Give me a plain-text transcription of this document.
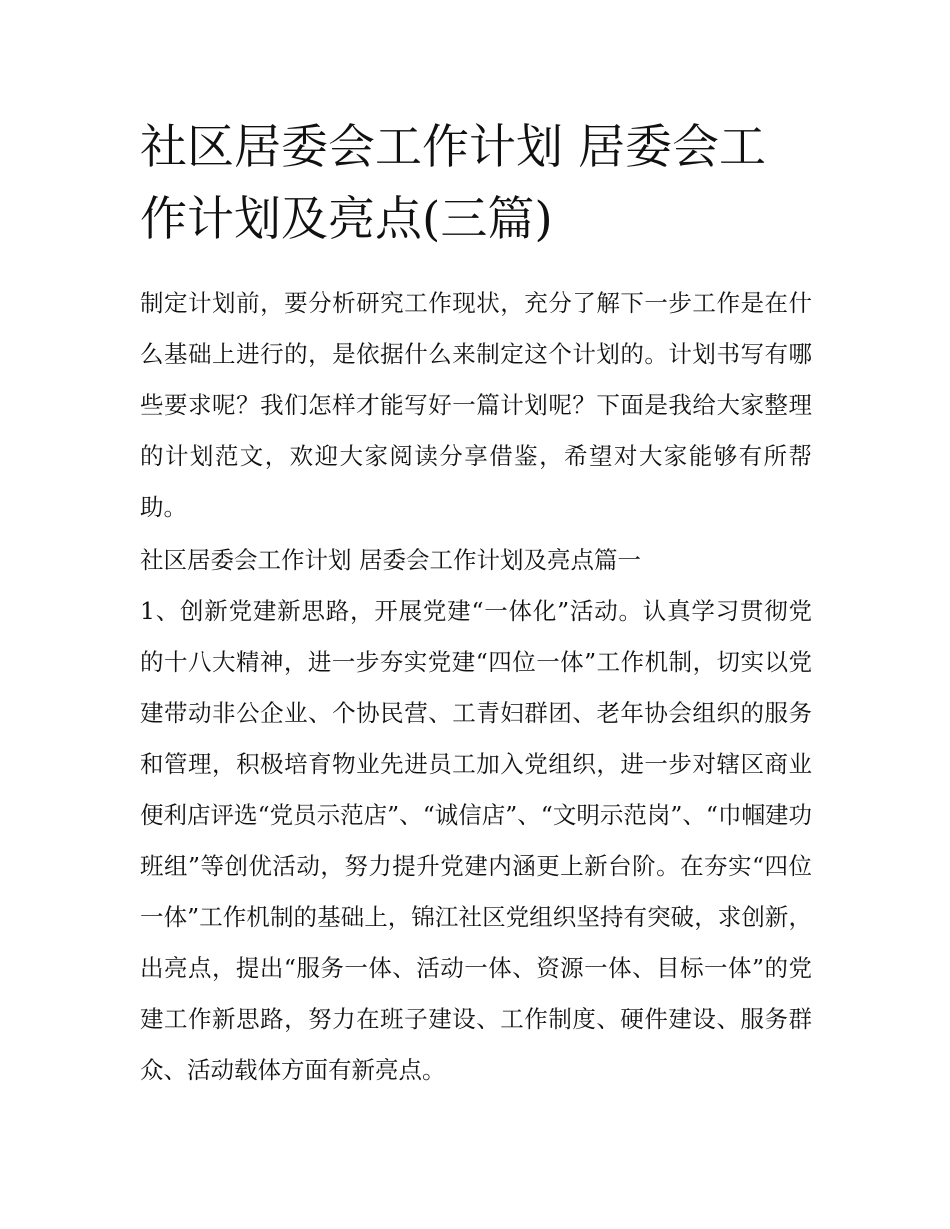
社区居委会工作计划 居委会工作计划及亮点(三篇)

制定计划前，要分析研究工作现状，充分了解下一步工作是在什么基础上进行的，是依据什么来制定这个计划的。计划书写有哪些要求呢？我们怎样才能写好一篇计划呢？下面是我给大家整理的计划范文，欢迎大家阅读分享借鉴，希望对大家能够有所帮助。

社区居委会工作计划 居委会工作计划及亮点篇一

1、创新党建新思路，开展党建“一体化”活动。认真学习贯彻党的十八大精神，进一步夯实党建“四位一体”工作机制，切实以党建带动非公企业、个协民营、工青妇群团、老年协会组织的服务和管理，积极培育物业先进员工加入党组织，进一步对辖区商业便利店评选“党员示范店”、“诚信店”、“文明示范岗”、“巾帼建功班组”等创优活动，努力提升党建内涵更上新台阶。在夯实“四位一体”工作机制的基础上，锦江社区党组织坚持有突破，求创新，出亮点，提出“服务一体、活动一体、资源一体、目标一体”的党建工作新思路，努力在班子建设、工作制度、硬件建设、服务群众、活动载体方面有新亮点。
